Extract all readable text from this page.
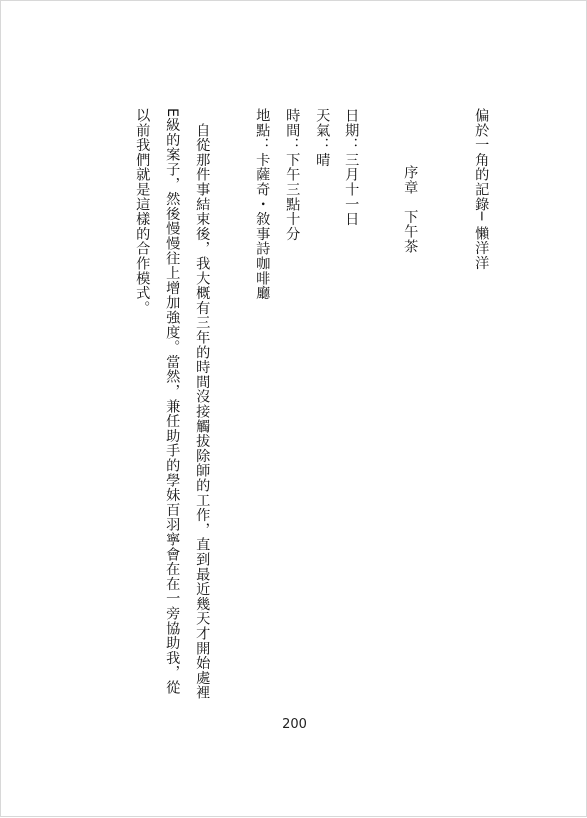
偏於一角的記錄─ 懶洋洋
序章　下午茶
日期：三月十一日
天氣：晴
時間：下午三點十分
地點：卡薩奇・敘事詩咖啡廳
　自從那件事結束後，我大概有三年的時間沒接觸拔除師的工作，直到最近幾天才開始處裡
E級的案子，然後慢慢往上增加強度。當然，兼任助手的學妹百羽寧會在在一旁協助我，從
以前我們就是這樣的合作模式。
200
